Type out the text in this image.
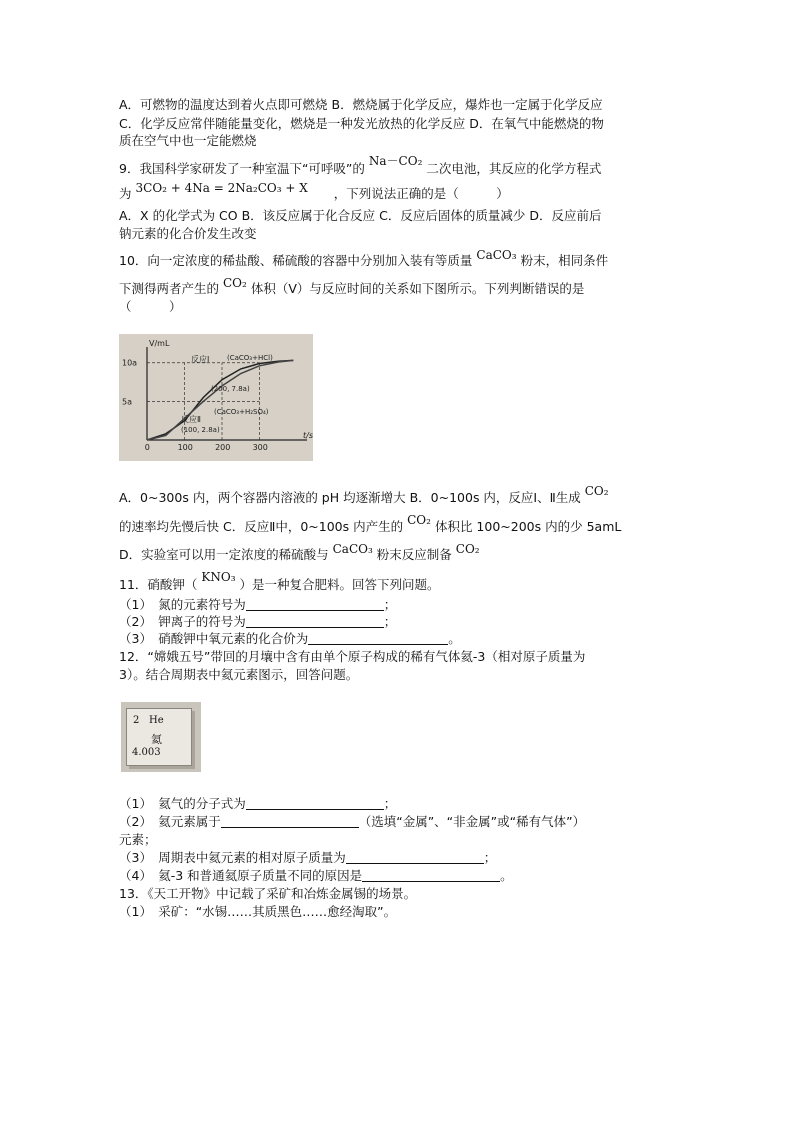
A．可燃物的温度达到着火点即可燃烧 B．燃烧属于化学反应，爆炸也一定属于化学反应
C．化学反应常伴随能量变化，燃烧是一种发光放热的化学反应 D．在氧气中能燃烧的物
质在空气中也一定能燃烧
9．我国科学家研发了一种室温下“可呼吸”的 Na－CO₂ 二次电池，其反应的化学方程式
为 3CO₂ + 4Na = 2Na₂CO₃ + X ，下列说法正确的是（　　　）
A．X 的化学式为 CO B．该反应属于化合反应 C．反应后固体的质量减少 D．反应前后
钠元素的化合价发生改变
10．向一定浓度的稀盐酸、稀硫酸的容器中分别加入装有等质量 CaCO₃ 粉末，相同条件
下测得两者产生的 CO₂ 体积（V）与反应时间的关系如下图所示。下列判断错误的是
（　　　）
V/mL
t/s
0	100	200	300
5a
10a	反应Ⅰ	(CaCO₃+HCl)
(200, 7.8a)
反应Ⅱ
(CaCO₃+H₂SO₄)
(100, 2.8a)
A．0~300s 内，两个容器内溶液的 pH 均逐渐增大 B．0~100s 内，反应Ⅰ、Ⅱ生成 CO₂
的速率均先慢后快 C．反应Ⅱ中，0~100s 内产生的 CO₂ 体积比 100~200s 内的少 5amL
D．实验室可以用一定浓度的稀硫酸与 CaCO₃ 粉末反应制备 CO₂
11．硝酸钾（ KNO₃ ）是一种复合肥料。回答下列问题。
（1）　氮的元素符号为	；
（2）　钾离子的符号为	；
（3）　硝酸钾中氧元素的化合价为	。
12．“嫦娥五号”带回的月壤中含有由单个原子构成的稀有气体氦-3（相对原子质量为
3）。结合周期表中氦元素图示，回答问题。
2 He
氦
4.003
（1）　氦气的分子式为	；
（2）　氦元素属于	（选填“金属”、“非金属”或“稀有气体”）
元素；
（3）　周期表中氦元素的相对原子质量为	；
（4）　氦-3 和普通氦原子质量不同的原因是	。
13．《天工开物》中记载了采矿和冶炼金属锡的场景。
（1）　采矿：“水锡……其质黑色……愈经淘取”。
